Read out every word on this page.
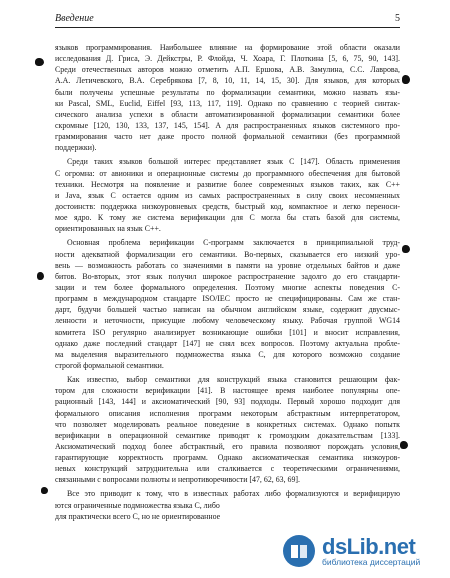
Введение	5
языков программирования. Наибольшее влияние на формирование этой области оказали
исследования Д. Гриса, Э. Дейкстры, Р. Флойда, Ч. Хоара, Г. Плоткина [5, 6, 75, 90, 143].
Среди отечественных авторов можно отметить А.П. Ершова, А.В. Замулина, С.С. Лаврова,
А.А. Летичевского, В.А. Серебрякова [7, 8, 10, 11, 14, 15, 30]. Для языков, для которых
были получены успешные результаты по формализации семантики, можно назвать язы-
ки Pascal, SML, Euclid, Eiffel [93, 113, 117, 119]. Однако по сравнению с теорией синтак-
сического анализа успехи в области автоматизированной формализации семантики более
скромные [120, 130, 133, 137, 145, 154]. А для распространенных языков системного про-
граммирования часто нет даже просто полной формальной семантики (без программной
поддержки).
Среди таких языков большой интерес представляет язык С [147]. Область применения
С огромна: от авионики и операционные системы до программного обеспечения для бытовой
техники. Несмотря на появление и развитие более современных языков таких, как С++
и Java, язык С остается одним из самых распространенных в силу своих несомненных
достоинств: поддержка низкоуровневых средств, быстрый код, компактное и легко переноси-
мое ядро. К тому же система верификации для С могла бы стать базой для системы,
ориентированных на язык С++.
Основная проблема верификации С-программ заключается в принципиальной труд-
ности адекватной формализации его семантики. Во-первых, сказывается его низкий уро-
вень — возможность работать со значениями в памяти на уровне отдельных байтов и даже
битов. Во-вторых, этот язык получил широкое распространение задолго до его стандарти-
зации и тем более формального определения. Поэтому многие аспекты поведения С-
программ в международном стандарте ISO/IEC просто не специфицированы. Сам же стан-
дарт, будучи большей частью написан на обычном английском языке, содержит двусмыс-
ленности и неточности, присущие любому человеческому языку. Рабочая группой WG14
комитета ISO регулярно анализирует возникающие ошибки [101] и вносит исправления,
однако даже последний стандарт [147] не снял всех вопросов. Поэтому актуальна пробле-
ма выделения выразительного подмножества языка С, для которого возможно создание
строгой формальной семантики.
Как известно, выбор семантики для конструкций языка становится решающим фак-
тором для сложности верификации [41]. В настоящее время наиболее популярны опе-
рационный [143, 144] и аксиоматический [90, 93] подходы. Первый хорошо подходит для
формального описания исполнения программ некоторым абстрактным интерпретатором,
что позволяет моделировать реальное поведение в конкретных системах. Однако попытк
верификации в операционной семантике приводят к громоздким доказательствам [133].
Аксиоматический подход более абстрактный, его правила позволяют порождать условия,
гарантирующие корректность программ. Однако аксиоматическая семантика низкоуров-
невых конструкций затруднительна или сталкивается с теоретическими ограничениями,
связанными с вопросами полноты и непротиворечивости [47, 62, 63, 69].
Все это приводит к тому, что в известных работах либо формализуются и верифицирую
ются ограниченные подмножества языка С, либо
для практически всего С, но не ориентированное
dsLib.net
библиотека диссертаций
